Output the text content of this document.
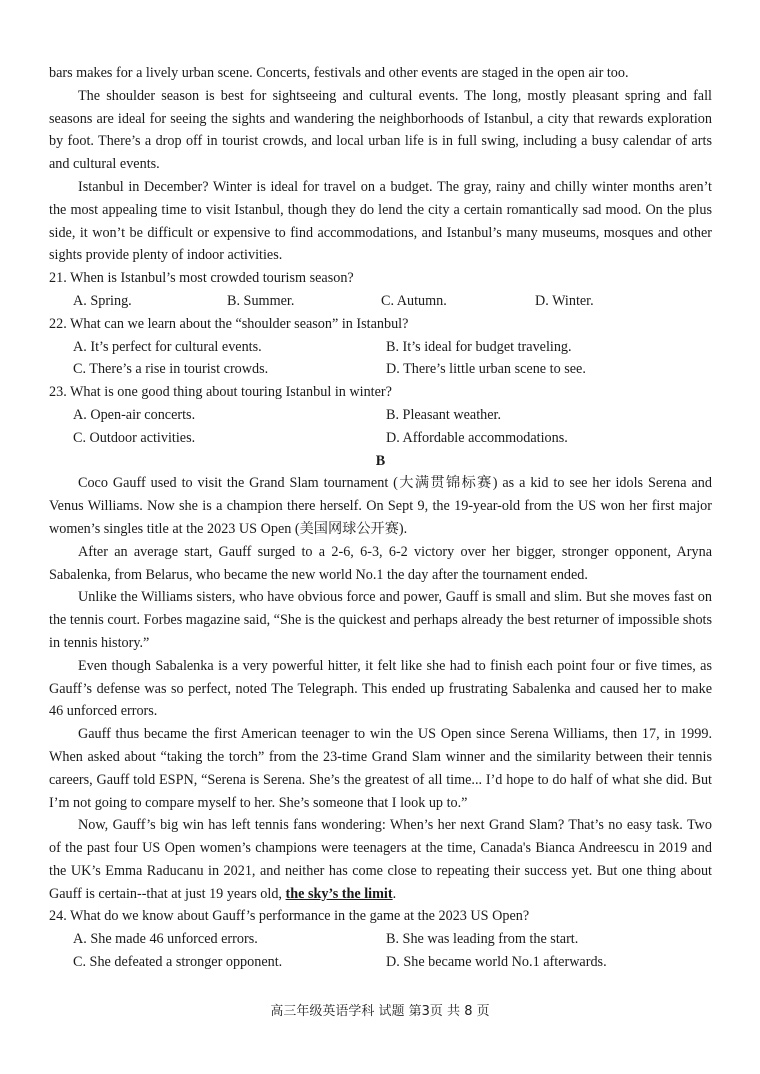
bars makes for a lively urban scene. Concerts, festivals and other events are staged in the open air too.

The shoulder season is best for sightseeing and cultural events. The long, mostly pleasant spring and fall seasons are ideal for seeing the sights and wandering the neighborhoods of Istanbul, a city that rewards exploration by foot. There’s a drop off in tourist crowds, and local urban life is in full swing, including a busy calendar of arts and cultural events.

Istanbul in December? Winter is ideal for travel on a budget. The gray, rainy and chilly winter months aren’t the most appealing time to visit Istanbul, though they do lend the city a certain romantically sad mood. On the plus side, it won’t be difficult or expensive to find accommodations, and Istanbul’s many museums, mosques and other sights provide plenty of indoor activities.

21. When is Istanbul’s most crowded tourism season?
A. Spring.	B. Summer.	C. Autumn.	D. Winter.
22. What can we learn about the “shoulder season” in Istanbul?
A. It’s perfect for cultural events.	B. It’s ideal for budget traveling.
C. There’s a rise in tourist crowds.	D. There’s little urban scene to see.
23. What is one good thing about touring Istanbul in winter?
A. Open-air concerts.	B. Pleasant weather.
C. Outdoor activities.	D. Affordable accommodations.
B

Coco Gauff used to visit the Grand Slam tournament (大满贯锦标赛) as a kid to see her idols Serena and Venus Williams. Now she is a champion there herself. On Sept 9, the 19-year-old from the US won her first major women’s singles title at the 2023 US Open (美国网球公开赛).

After an average start, Gauff surged to a 2-6, 6-3, 6-2 victory over her bigger, stronger opponent, Aryna Sabalenka, from Belarus, who became the new world No.1 the day after the tournament ended.

Unlike the Williams sisters, who have obvious force and power, Gauff is small and slim. But she moves fast on the tennis court. Forbes magazine said, “She is the quickest and perhaps already the best returner of impossible shots in tennis history.”

Even though Sabalenka is a very powerful hitter, it felt like she had to finish each point four or five times, as Gauff’s defense was so perfect, noted The Telegraph. This ended up frustrating Sabalenka and caused her to make 46 unforced errors.

Gauff thus became the first American teenager to win the US Open since Serena Williams, then 17, in 1999. When asked about “taking the torch” from the 23-time Grand Slam winner and the similarity between their tennis careers, Gauff told ESPN, “Serena is Serena. She’s the greatest of all time... I’d hope to do half of what she did. But I’m not going to compare myself to her. She’s someone that I look up to.”

Now, Gauff’s big win has left tennis fans wondering: When’s her next Grand Slam? That’s no easy task. Two of the past four US Open women’s champions were teenagers at the time, Canada's Bianca Andreescu in 2019 and the UK’s Emma Raducanu in 2021, and neither has come close to repeating their success yet. But one thing about Gauff is certain--that at just 19 years old, the sky’s the limit.

24. What do we know about Gauff’s performance in the game at the 2023 US Open?
A. She made 46 unforced errors.	B. She was leading from the start.
C. She defeated a stronger opponent.	D. She became world No.1 afterwards.
高三年级英语学科 试题 第3页 共 8 页
